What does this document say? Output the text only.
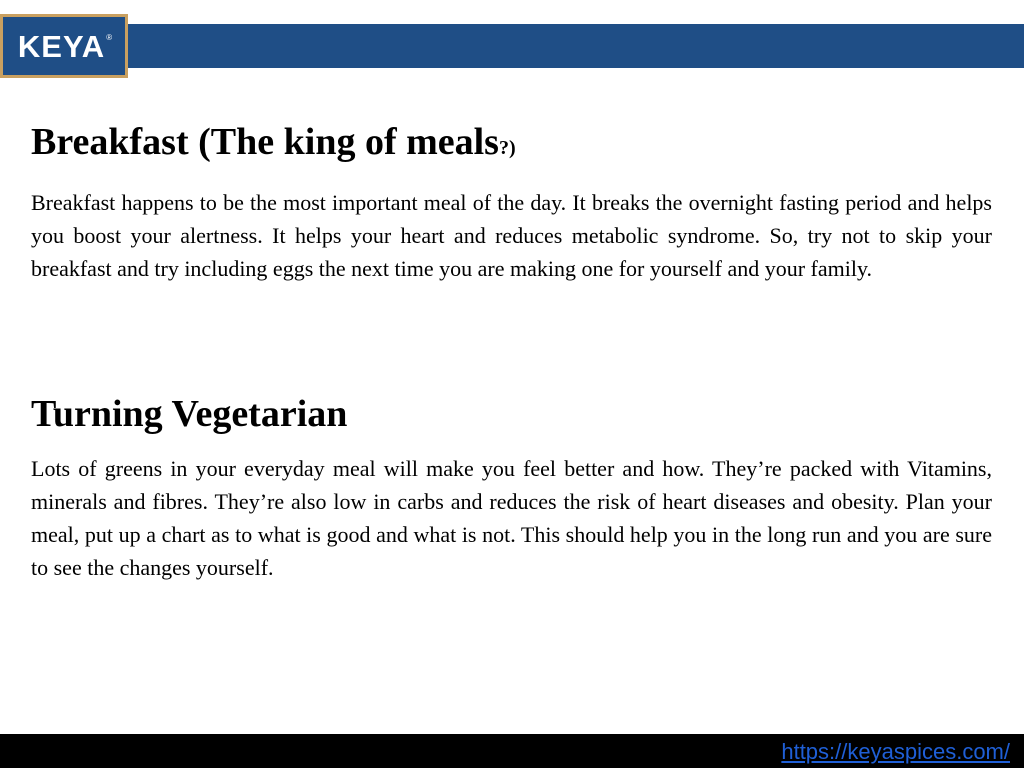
KEYA ®
Breakfast (The king of meals?)

Breakfast happens to be the most important meal of the day. It breaks the overnight fasting period and helps you boost your alertness. It helps your heart and reduces metabolic syndrome. So, try not to skip your breakfast and try including eggs the next time you are making one for yourself and your family.

Turning Vegetarian

Lots of greens in your everyday meal will make you feel better and how. They’re packed with Vitamins, minerals and fibres. They’re also low in carbs and reduces the risk of heart diseases and obesity. Plan your meal, put up a chart as to what is good and what is not. This should help you in the long run and you are sure to see the changes yourself.

https://keyaspices.com/
